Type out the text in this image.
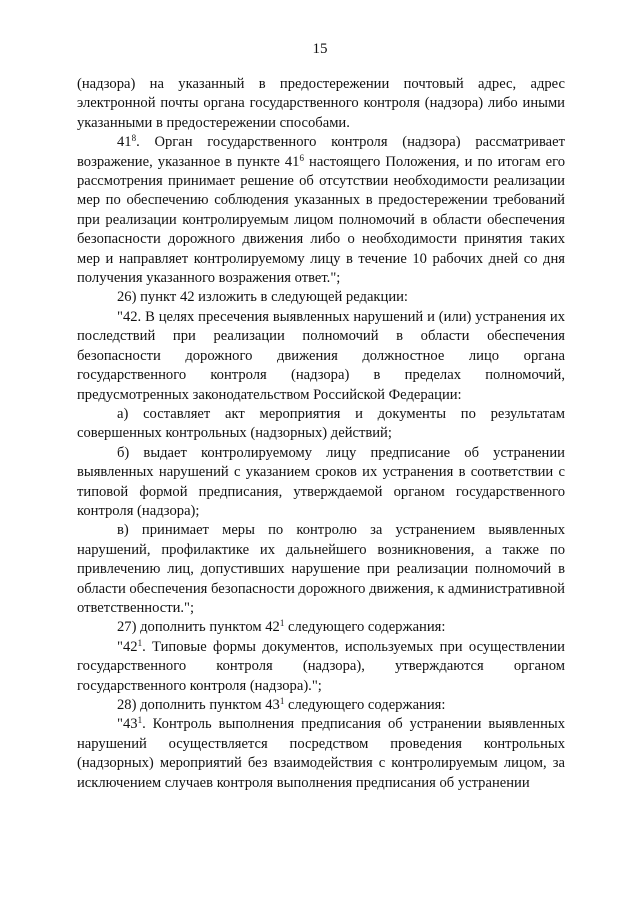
15

(надзора) на указанный в предостережении почтовый адрес, адрес электронной почты органа государственного контроля (надзора) либо иными указанными в предостережении способами.

$41^8$. Орган государственного контроля (надзора) рассматривает возражение, указанное в пункте $41^6$ настоящего Положения, и по итогам его рассмотрения принимает решение об отсутствии необходимости реализации мер по обеспечению соблюдения указанных в предостережении требований при реализации контролируемым лицом полномочий в области обеспечения безопасности дорожного движения либо о необходимости принятия таких мер и направляет контролируемому лицу в течение 10 рабочих дней со дня получения указанного возражения ответ.";

26) пункт 42 изложить в следующей редакции:

"42. В целях пресечения выявленных нарушений и (или) устранения их последствий при реализации полномочий в области обеспечения безопасности дорожного движения должностное лицо органа государственного контроля (надзора) в пределах полномочий, предусмотренных законодательством Российской Федерации:

а) составляет акт мероприятия и документы по результатам совершенных контрольных (надзорных) действий;

б) выдает контролируемому лицу предписание об устранении выявленных нарушений с указанием сроков их устранения в соответствии с типовой формой предписания, утверждаемой органом государственного контроля (надзора);

в) принимает меры по контролю за устранением выявленных нарушений, профилактике их дальнейшего возникновения, а также по привлечению лиц, допустивших нарушение при реализации полномочий в области обеспечения безопасности дорожного движения, к административной ответственности.";

27) дополнить пунктом $42^1$ следующего содержания:

"$42^1$. Типовые формы документов, используемых при осуществлении государственного контроля (надзора), утверждаются органом государственного контроля (надзора).";

28) дополнить пунктом $43^1$ следующего содержания:

"$43^1$. Контроль выполнения предписания об устранении выявленных нарушений осуществляется посредством проведения контрольных (надзорных) мероприятий без взаимодействия с контролируемым лицом, за исключением случаев контроля выполнения предписания об устранении
